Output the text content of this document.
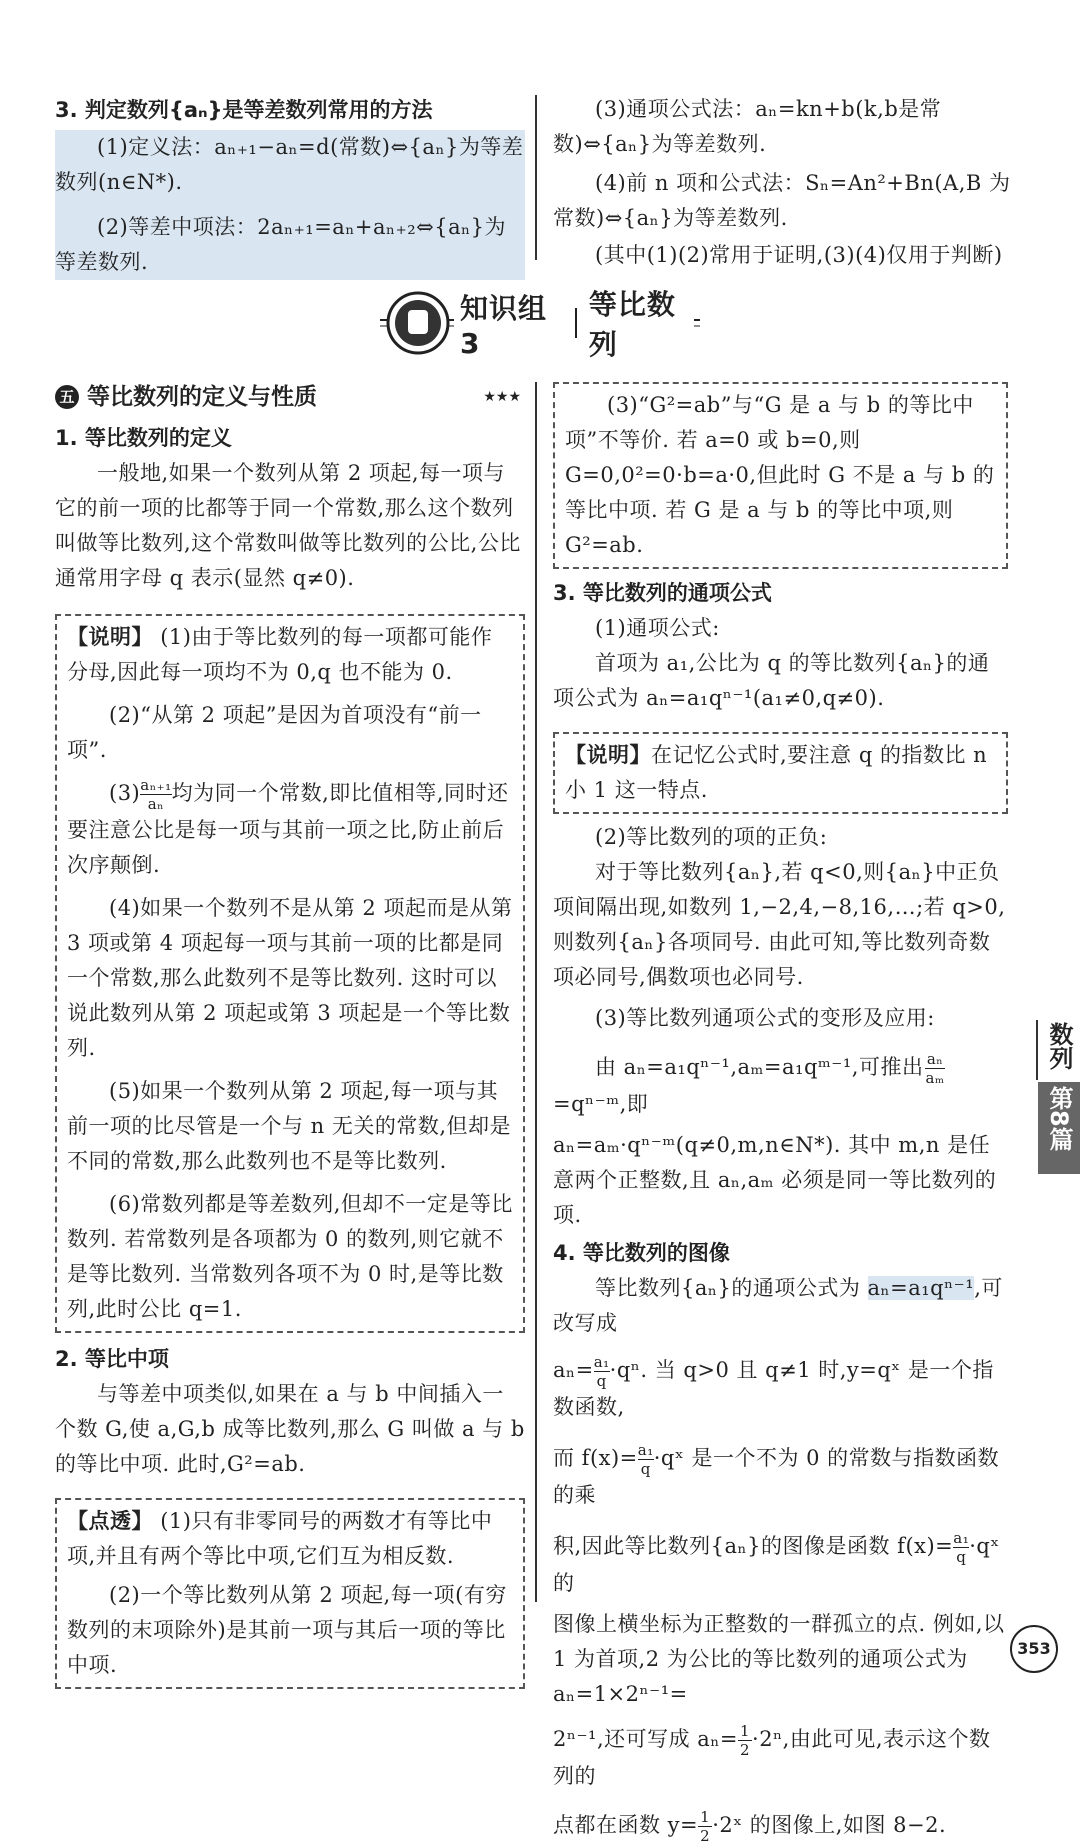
3. 判定数列{aₙ}是等差数列常用的方法

(1)定义法：aₙ₊₁−aₙ=d(常数)⇔{aₙ}为等差数列(n∈N*).

(2)等差中项法：2aₙ₊₁=aₙ+aₙ₊₂⇔{aₙ}为等差数列.

(3)通项公式法：aₙ=kn+b(k,b是常数)⇔{aₙ}为等差数列.

(4)前 n 项和公式法：Sₙ=An²+Bn(A,B 为常数)⇔{aₙ}为等差数列.

(其中(1)(2)常用于证明,(3)(4)仅用于判断)

知识组3
等比数列
五 等比数列的定义与性质	★★★

1. 等比数列的定义

一般地,如果一个数列从第 2 项起,每一项与它的前一项的比都等于同一个常数,那么这个数列叫做等比数列,这个常数叫做等比数列的公比,公比通常用字母 q 表示(显然 q≠0).

【说明】 (1)由于等比数列的每一项都可能作分母,因此每一项均不为 0,q 也不能为 0.

(2)“从第 2 项起”是因为首项没有“前一项”.

$(3) \frac{\text{aₙ₊₁}}{\text{aₙ}}$ 均为同一个常数,即比值相等,同时还要注意公比是每一项与其前一项之比,防止前后次序颠倒.

(4)如果一个数列不是从第 2 项起而是从第 3 项或第 4 项起每一项与其前一项的比都是同一个常数,那么此数列不是等比数列. 这时可以说此数列从第 2 项起或第 3 项起是一个等比数列.

(5)如果一个数列从第 2 项起,每一项与其前一项的比尽管是一个与 n 无关的常数,但却是不同的常数,那么此数列也不是等比数列.

(6)常数列都是等差数列,但却不一定是等比数列. 若常数列是各项都为 0 的数列,则它就不是等比数列. 当常数列各项不为 0 时,是等比数列,此时公比 q=1.

2. 等比中项

与等差中项类似,如果在 a 与 b 中间插入一个数 G,使 a,G,b 成等比数列,那么 G 叫做 a 与 b 的等比中项. 此时,G²=ab.

【点透】 (1)只有非零同号的两数才有等比中项,并且有两个等比中项,它们互为相反数.

(2)一个等比数列从第 2 项起,每一项(有穷数列的末项除外)是其前一项与其后一项的等比中项.

(3)“G²=ab”与“G 是 a 与 b 的等比中项”不等价. 若 a=0 或 b=0,则 G=0,0²=0·b=a·0,但此时 G 不是 a 与 b 的等比中项. 若 G 是 a 与 b 的等比中项,则 G²=ab.

3. 等比数列的通项公式

(1)通项公式:

首项为 a₁,公比为 q 的等比数列{aₙ}的通项公式为 aₙ=a₁qⁿ⁻¹(a₁≠0,q≠0).

【说明】在记忆公式时,要注意 q 的指数比 n 小 1 这一特点.

(2)等比数列的项的正负:

对于等比数列{aₙ},若 q<0,则{aₙ}中正负项间隔出现,如数列 1,−2,4,−8,16,…;若 q>0,则数列{aₙ}各项同号. 由此可知,等比数列奇数项必同号,偶数项也必同号.

(3)等比数列通项公式的变形及应用:

由 aₙ=a₁qⁿ⁻¹,aₘ=a₁qᵐ⁻¹,可推出 $\frac{\text{aₙ}}{\text{aₘ}}$
=qⁿ⁻ᵐ,即

aₙ=aₘ·qⁿ⁻ᵐ(q≠0,m,n∈N*). 其中 m,n 是任意两个正整数,且 aₙ,aₘ 必须是同一等比数列的项.

4. 等比数列的图像

等比数列{aₙ}的通项公式为 aₙ=a₁qⁿ⁻¹,可改写成

$a_n= \frac{\text{a₁}}{q} \cdot q^n$. 当 q>0 且 q≠1 时,y=qˣ 是一个指数函数,

而 $f(x)= \frac{\text{a₁}}{q}$ ·qˣ 是一个不为 0 的常数与指数函数的乘

积,因此等比数列{aₙ}的图像是函数 $f(x)= \frac{\text{a₁}}{q}$ ·qˣ 的

图像上横坐标为正整数的一群孤立的点. 例如,以 1 为首项,2 为公比的等比数列的通项公式为 aₙ=1×2ⁿ⁻¹=

2ⁿ⁻¹,还可写成 $a_n= \frac{1}{2} \cdot 2^n$,由此可见,表示这个数列的

点都在函数 $y= \frac{1}{2}$ ·2ˣ 的图像上,如图 8−2.

数列
第8篇
353
